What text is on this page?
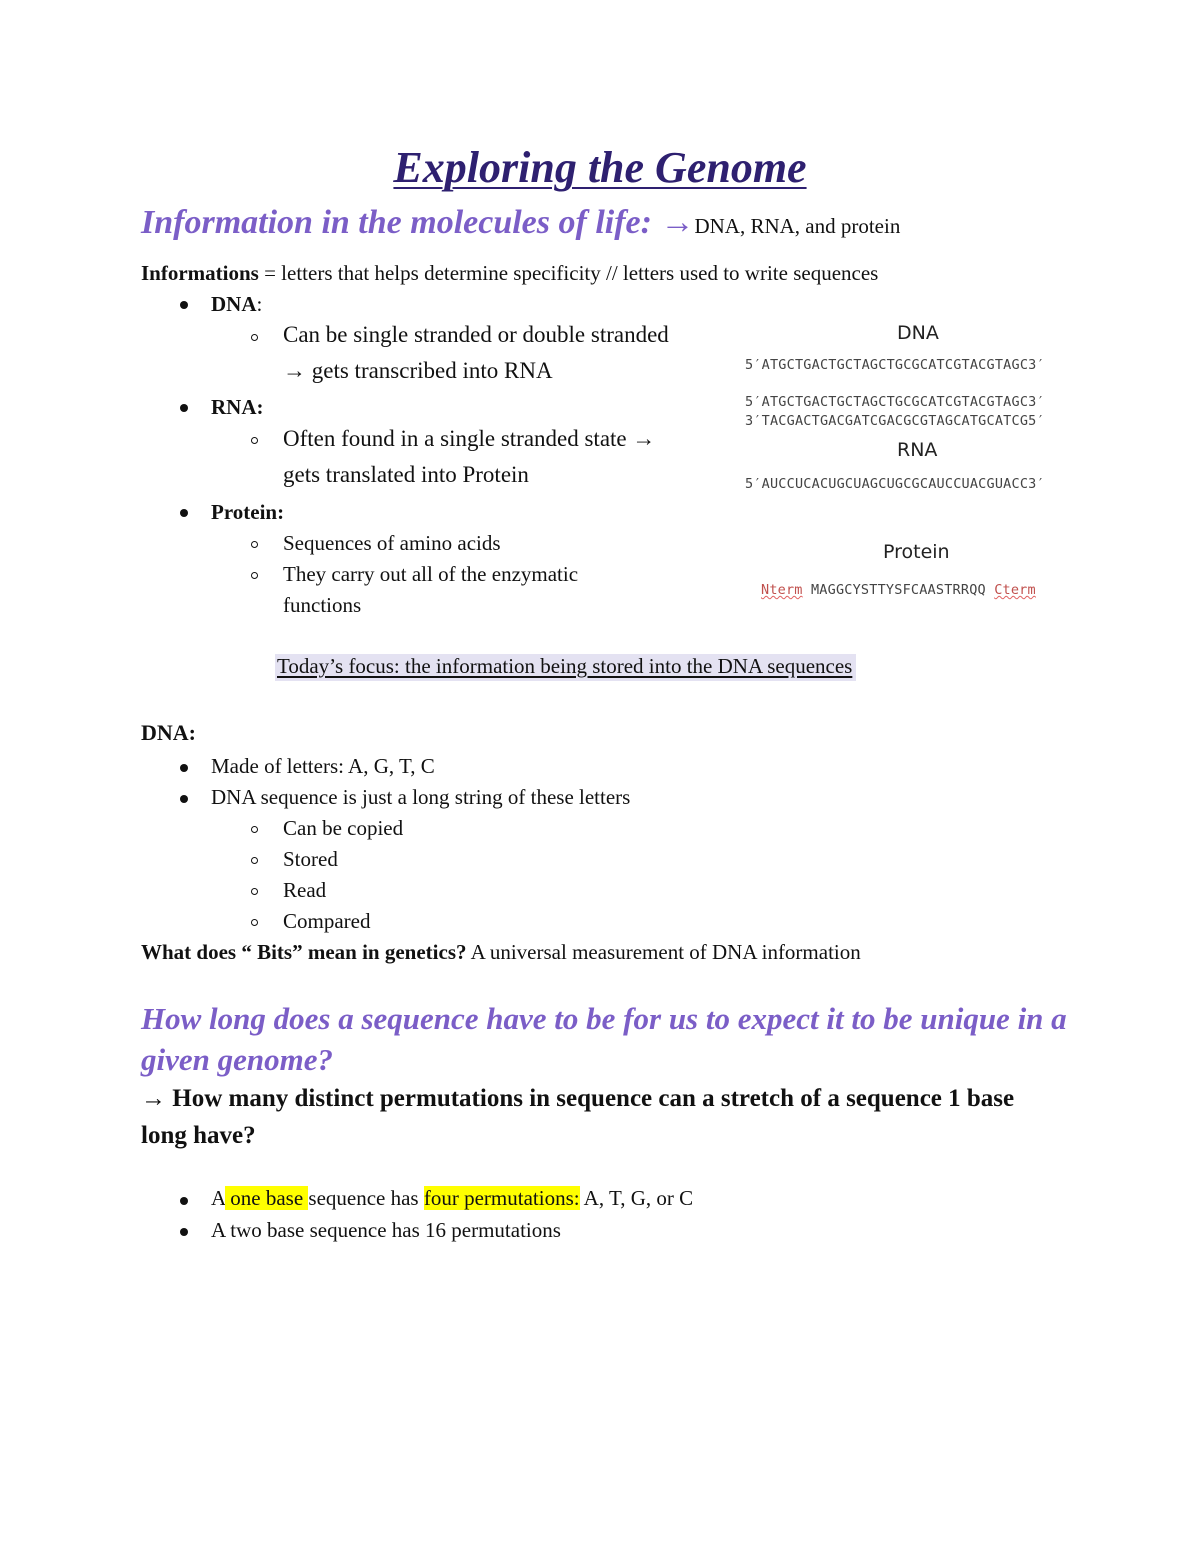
Exploring the Genome
Information in the molecules of life: →DNA, RNA, and protein
Informations = letters that helps determine specificity // letters used to write sequences
DNA:
Can be single stranded or double stranded
→ gets transcribed into RNA
RNA:
Often found in a single stranded state →
gets translated into Protein
Protein:
Sequences of amino acids
They carry out all of the enzymatic
functions
DNA
5′ATGCTGACTGCTAGCTGCGCATCGTACGTAGC3′
5′ATGCTGACTGCTAGCTGCGCATCGTACGTAGC3′
3′TACGACTGACGATCGACGCGTAGCATGCATCG5′
RNA
5′AUCCUCACUGCUAGCUGCGCAUCCUACGUACC3′
Protein
Nterm MAGGCYSTTYSFCAASTRRQQ Cterm
Today’s focus: the information being stored into the DNA sequences
DNA:
Made of letters: A, G, T, C
DNA sequence is just a long string of these letters
Can be copied
Stored
Read
Compared
What does “ Bits” mean in genetics? A universal measurement of DNA information
How long does a sequence have to be for us to expect it to be unique in a given genome?
→ How many distinct permutations in sequence can a stretch of a sequence 1 base long have?
A one base sequence has four permutations: A, T, G, or C
A two base sequence has 16 permutations
